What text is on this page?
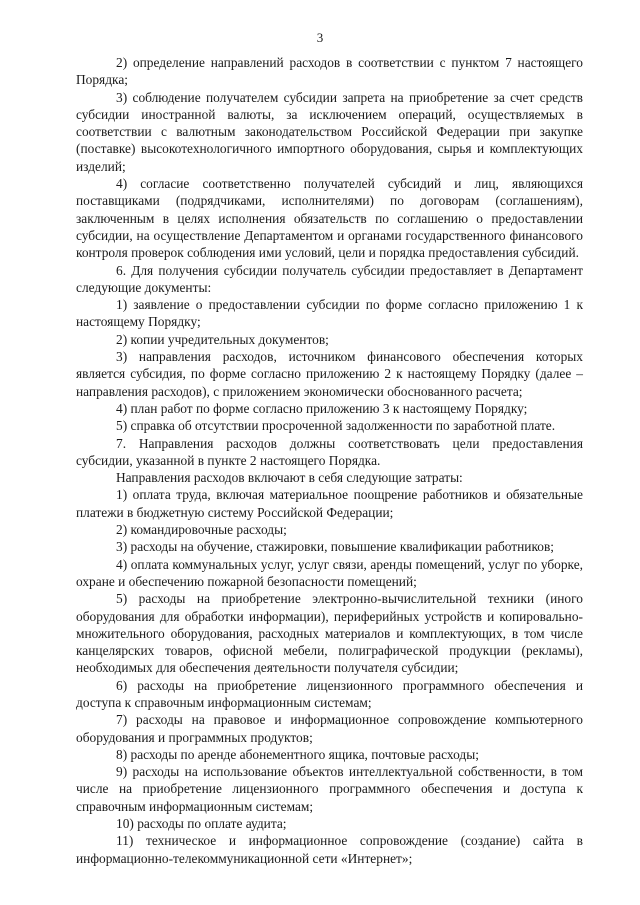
3

2) определение направлений расходов в соответствии с пунктом 7 настоящего Порядка;

3) соблюдение получателем субсидии запрета на приобретение за счет средств субсидии иностранной валюты, за исключением операций, осуществляемых в соответствии с валютным законодательством Российской Федерации при закупке (поставке) высокотехнологичного импортного оборудования, сырья и комплектующих изделий;

4) согласие соответственно получателей субсидий и лиц, являющихся поставщиками (подрядчиками, исполнителями) по договорам (соглашениям), заключенным в целях исполнения обязательств по соглашению о предоставлении субсидии, на осуществление Департаментом и органами государственного финансового контроля проверок соблюдения ими условий, цели и порядка предоставления субсидий.

6. Для получения субсидии получатель субсидии предоставляет в Департамент следующие документы:

1) заявление о предоставлении субсидии по форме согласно приложению 1 к настоящему Порядку;

2) копии учредительных документов;

3) направления расходов, источником финансового обеспечения которых является субсидия, по форме согласно приложению 2 к настоящему Порядку (далее – направления расходов), с приложением экономически обоснованного расчета;

4) план работ по форме согласно приложению 3 к настоящему Порядку;

5) справка об отсутствии просроченной задолженности по заработной плате.

7. Направления расходов должны соответствовать цели предоставления субсидии, указанной в пункте 2 настоящего Порядка.

Направления расходов включают в себя следующие затраты:

1) оплата труда, включая материальное поощрение работников и обязательные платежи в бюджетную систему Российской Федерации;

2) командировочные расходы;

3) расходы на обучение, стажировки, повышение квалификации работников;

4) оплата коммунальных услуг, услуг связи, аренды помещений, услуг по уборке, охране и обеспечению пожарной безопасности помещений;

5) расходы на приобретение электронно-вычислительной техники (иного оборудования для обработки информации), периферийных устройств и копировально-множительного оборудования, расходных материалов и комплектующих, в том числе канцелярских товаров, офисной мебели, полиграфической продукции (рекламы), необходимых для обеспечения деятельности получателя субсидии;

6) расходы на приобретение лицензионного программного обеспечения и доступа к справочным информационным системам;

7) расходы на правовое и информационное сопровождение компьютерного оборудования и программных продуктов;

8) расходы по аренде абонементного ящика, почтовые расходы;

9) расходы на использование объектов интеллектуальной собственности, в том числе на приобретение лицензионного программного обеспечения и доступа к справочным информационным системам;

10) расходы по оплате аудита;

11) техническое и информационное сопровождение (создание) сайта в информационно-телекоммуникационной сети «Интернет»;
